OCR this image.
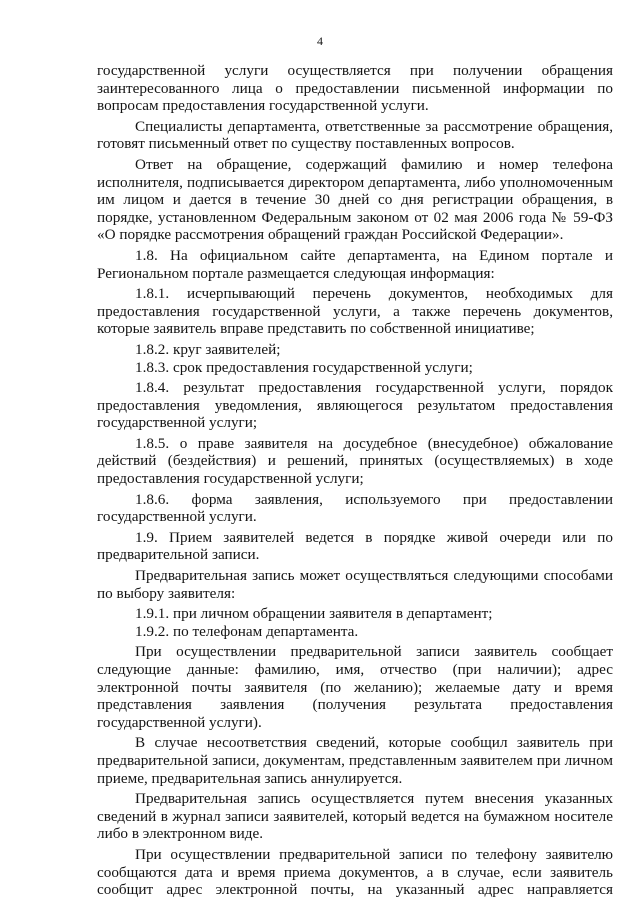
4

государственной услуги осуществляется при получении обращения заинтересованного лица о предоставлении письменной информации по вопросам предоставления государственной услуги.

Специалисты департамента, ответственные за рассмотрение обращения, готовят письменный ответ по существу поставленных вопросов.

Ответ на обращение, содержащий фамилию и номер телефона исполнителя, подписывается директором департамента, либо уполномоченным им лицом и дается в течение 30 дней со дня регистрации обращения, в порядке, установленном Федеральным законом от 02 мая 2006 года № 59-ФЗ «О порядке рассмотрения обращений граждан Российской Федерации».

1.8. На официальном сайте департамента, на Едином портале и Региональном портале размещается следующая информация:

1.8.1. исчерпывающий перечень документов, необходимых для предоставления государственной услуги, а также перечень документов, которые заявитель вправе представить по собственной инициативе;

1.8.2. круг заявителей;

1.8.3. срок предоставления государственной услуги;

1.8.4. результат предоставления государственной услуги, порядок предоставления уведомления, являющегося результатом предоставления государственной услуги;

1.8.5. о праве заявителя на досудебное (внесудебное) обжалование действий (бездействия) и решений, принятых (осуществляемых) в ходе предоставления государственной услуги;

1.8.6. форма заявления, используемого при предоставлении государственной услуги.

1.9. Прием заявителей ведется в порядке живой очереди или по предварительной записи.

Предварительная запись может осуществляться следующими способами по выбору заявителя:

1.9.1. при личном обращении заявителя в департамент;

1.9.2. по телефонам департамента.

При осуществлении предварительной записи заявитель сообщает следующие данные: фамилию, имя, отчество (при наличии); адрес электронной почты заявителя (по желанию); желаемые дату и время представления заявления (получения результата предоставления государственной услуги).

В случае несоответствия сведений, которые сообщил заявитель при предварительной записи, документам, представленным заявителем при личном приеме, предварительная запись аннулируется.

Предварительная запись осуществляется путем внесения указанных сведений в журнал записи заявителей, который ведется на бумажном носителе либо в электронном виде.

При осуществлении предварительной записи по телефону заявителю сообщаются дата и время приема документов, а в случае, если заявитель сообщит адрес электронной почты, на указанный адрес направляется
